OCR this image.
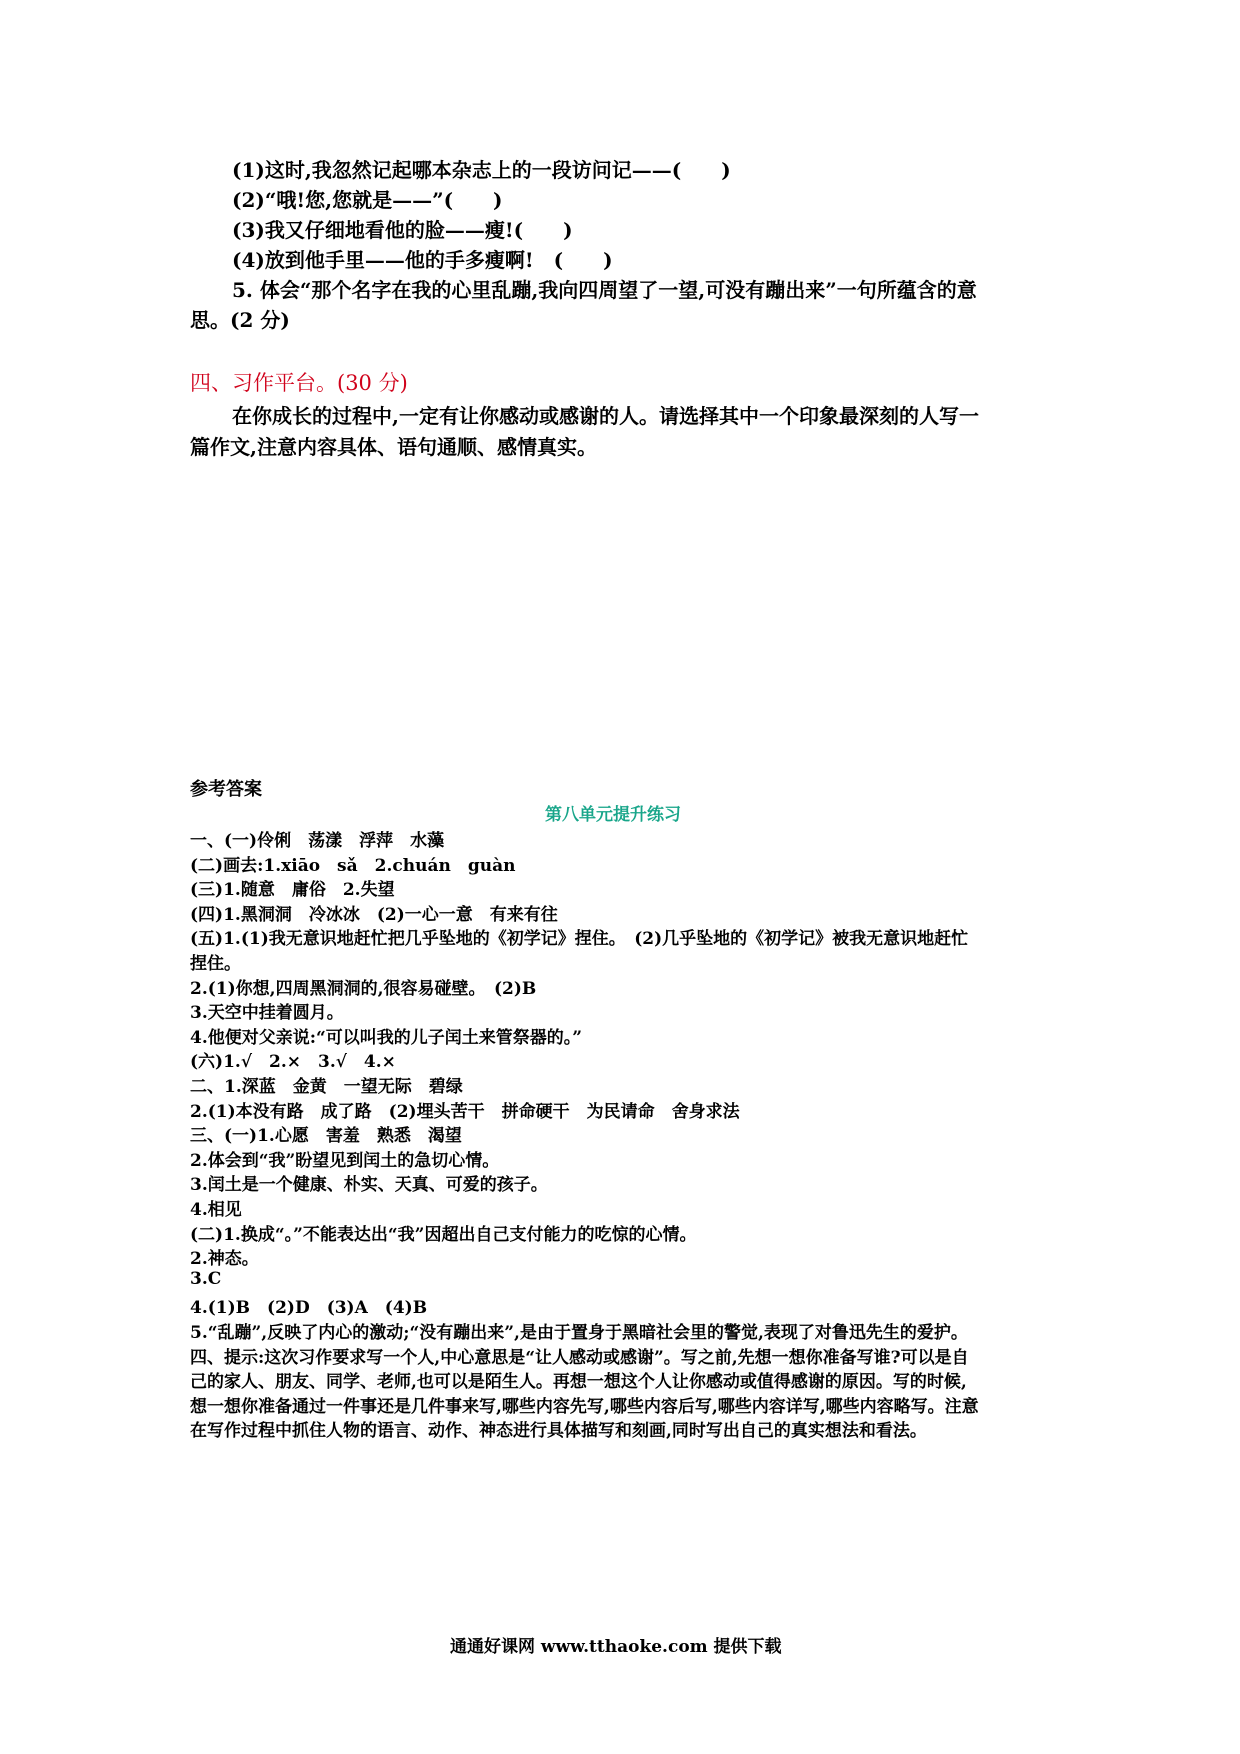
(1)这时,我忽然记起哪本杂志上的一段访问记——(　　)
(2)“哦!您,您就是——”(　　)
(3)我又仔细地看他的脸——瘦!(　　)
(4)放到他手里——他的手多瘦啊!　(　　)
5. 体会“那个名字在我的心里乱蹦,我向四周望了一望,可没有蹦出来”一句所蕴含的意
思。(2 分)
四、习作平台。(30 分)
在你成长的过程中,一定有让你感动或感谢的人。请选择其中一个印象最深刻的人写一
篇作文,注意内容具体、语句通顺、感情真实。
参考答案
第八单元提升练习
一、(一)伶俐　荡漾　浮萍　水藻
(二)画去:1.xiāo　sǎ　2.chuán　guàn
(三)1.随意　庸俗　2.失望
(四)1.黑洞洞　冷冰冰　(2)一心一意　有来有往
(五)1.(1)我无意识地赶忙把几乎坠地的《初学记》捏住。　(2)几乎坠地的《初学记》被我无意识地赶忙
捏住。
2.(1)你想,四周黑洞洞的,很容易碰壁。　(2)B
3.天空中挂着圆月。
4.他便对父亲说:“可以叫我的儿子闰土来管祭器的。”
(六)1.√　2.×　3.√　4.×
二、1.深蓝　金黄　一望无际　碧绿
2.(1)本没有路　成了路　(2)埋头苦干　拼命硬干　为民请命　舍身求法
三、(一)1.心愿　害羞　熟悉　渴望
2.体会到“我”盼望见到闰土的急切心情。
3.闰土是一个健康、朴实、天真、可爱的孩子。
4.相见
(二)1.换成“。”不能表达出“我”因超出自己支付能力的吃惊的心情。
2.神态。
3.C
4.(1)B　(2)D　(3)A　(4)B
5.“乱蹦”,反映了内心的激动;“没有蹦出来”,是由于置身于黑暗社会里的警觉,表现了对鲁迅先生的爱护。
四、提示:这次习作要求写一个人,中心意思是“让人感动或感谢”。写之前,先想一想你准备写谁?可以是自
己的家人、朋友、同学、老师,也可以是陌生人。再想一想这个人让你感动或值得感谢的原因。写的时候,
想一想你准备通过一件事还是几件事来写,哪些内容先写,哪些内容后写,哪些内容详写,哪些内容略写。注意
在写作过程中抓住人物的语言、动作、神态进行具体描写和刻画,同时写出自己的真实想法和看法。
通通好课网 www.tthaoke.com 提供下载
